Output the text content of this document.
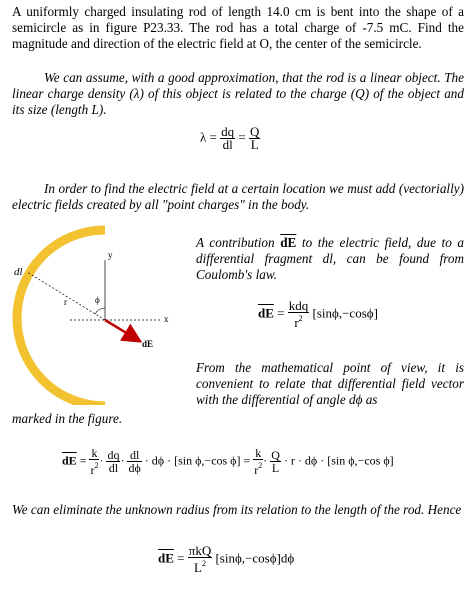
A uniformly charged insulating rod of length 14.0 cm is bent into the shape of a semicircle as in figure P23.33. The rod has a total charge of -7.5 mC. Find the magnitude and direction of the electric field at O, the center of the semicircle.
We can assume, with a good approximation, that the rod is a linear object. The linear charge density (λ) of this object is related to the charge (Q) of the object and its size (length L).
$\lambda = \frac{dq}{dl} = \frac{Q}{L}$
In order to find the electric field at a certain location we must add (vectorially) electric fields created by all "point charges" in the body.
dl
y
x
r	ϕ
dE
A contribution $\overline{dE}$ to the electric field, due to a differential fragment dl, can be found from Coulomb's law.
$\overline{dE} = \frac{\text{kdq}}{r^2} [\sin\phi,-\cos\phi]$
From the mathematical point of view, it is convenient to relate that differential field vector with the differential of angle dϕ as
marked in the figure.
$\overline{dE} = \frac{k}{r^2} \cdot \frac{dq}{dl} \cdot \frac{dl}{d\phi} \cdot d\phi \cdot [\sin$ ϕ,−cos $\phi] = \frac{k}{r^2} \cdot \frac{Q}{L} \cdot r \cdot d\phi \cdot [\sin$ ϕ,−cos ϕ]
We can eliminate the unknown radius from its relation to the length of the rod. Hence
$\overline{dE} = \frac{\text{πkQ}}{L^2} [\sin\phi,-\cos\phi]d\phi$
